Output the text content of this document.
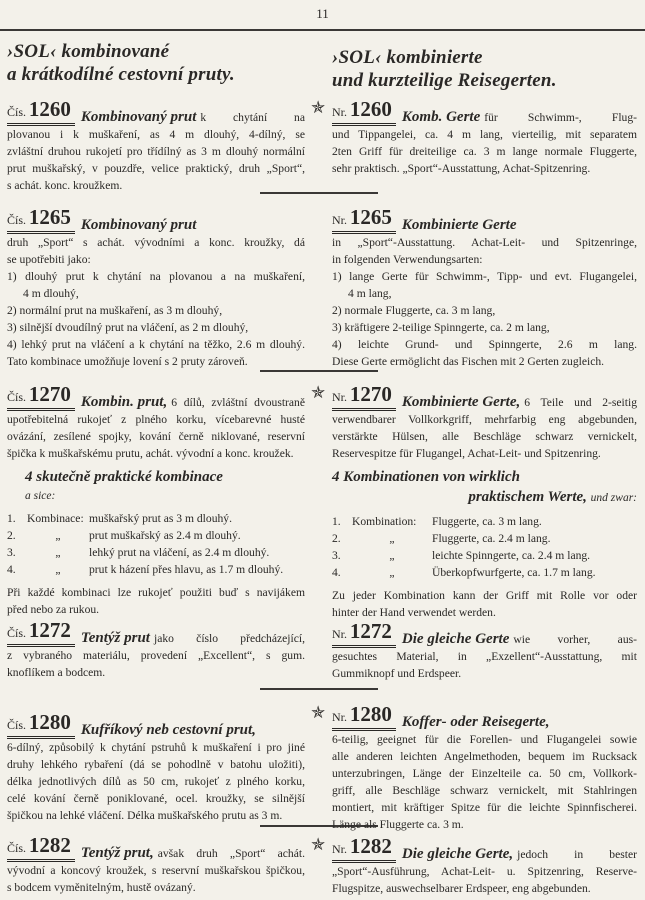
11
›SOL‹ kombinované
a krátkodílné cestovní pruty.
›SOL‹ kombinierte
und kurzteilige Reisegerten.
Čís. 1260 Kombinovaný prut k chytání na
plovanou i k muškaření, as 4 m dlouhý, 4-dílný, se
zvláštní druhou rukojetí pro třídílný as 3 m dlouhý normální
prut muškařský, v pouzdře, velice praktický, druh „Sport“,
s achát. konc. kroužkem.
Čís. 1265 Kombinovaný prut
druh „Sport“ s achát. vývodními a konc. kroužky, dá
se upotřebiti jako:
1) dlouhý prut k chytání na plovanou a na muškaření,
4 m dlouhý,
2) normální prut na muškaření, as 3 m dlouhý,
3) silnější dvoudílný prut na vláčení, as 2 m dlouhý,
4) lehký prut na vláčení a k chytání na těžko, 2.6 m dlouhý.
Tato kombinace umožňuje lovení s 2 pruty zároveň.
Čís. 1270 Kombin. prut, 6 dílů, zvláštní dvoustraně
upotřebitelná rukojeť z plného korku, vícebarevné husté
ovázání, zesílené spojky, kování černě niklované, reservní
špička k muškařskému prutu, achát. vývodní a konc. kroužek.
4 skutečně praktické kombinace
a sice:
1. Kombinace: muškařský prut as 3 m dlouhý.
2.	„	prut muškařský as 2.4 m dlouhý.
3.	„	lehký prut na vláčení, as 2.4 m dlouhý.
4.	„	prut k házení přes hlavu, as 1.7 m dlouhý.
Při každé kombinaci lze rukojeť použiti buď s navijákem
před nebo za rukou.
Čís. 1272 Tentýž prut jako číslo předcházející,
z vybraného materiálu, provedení „Excellent“, s gum.
knoflíkem a bodcem.
Čís. 1280 Kufříkový neb cestovní prut,
6-dílný, způsobilý k chytání pstruhů k muškaření i pro jiné
druhy lehkého rybaření (dá se pohodlně v batohu uložiti),
délka jednotlivých dílů as 50 cm, rukojeť z plného korku,
celé kování černě poniklované, ocel. kroužky, se silnější
špičkou na lehké vláčení. Délka muškařského prutu as 3 m.
Čís. 1282 Tentýž prut, avšak druh „Sport“ achát.
vývodní a koncový kroužek, s reservní muškařskou špičkou,
s bodcem vyměnitelným, hustě ovázaný.
Nr. 1260 Komb. Gerte für Schwimm-, Flug-
und Tippangelei, ca. 4 m lang, vierteilig, mit separatem
2ten Griff für dreiteilige ca. 3 m lange normale Fluggerte,
sehr praktisch. „Sport“-Ausstattung, Achat-Spitzenring.
✯
Nr. 1265 Kombinierte Gerte
in „Sport“-Ausstattung. Achat-Leit- und Spitzenringe,
in folgenden Verwendungsarten:
1) lange Gerte für Schwimm-, Tipp- und evt. Flugangelei,
4 m lang,
2) normale Fluggerte, ca. 3 m lang,
3) kräftigere 2-teilige Spinngerte, ca. 2 m lang,
4) leichte Grund- und Spinngerte, 2.6 m lang.
Diese Gerte ermöglicht das Fischen mit 2 Gerten zugleich.
Nr. 1270 Kombinierte Gerte, 6 Teile und 2-seitig
verwendbarer Vollkorkgriff, mehrfarbig eng abgebunden,
verstärkte Hülsen, alle Beschläge schwarz vernickelt,
Reservespitze für Flugangel, Achat-Leit- und Spitzenring.
✯
4 Kombinationen von wirklich
praktischem Werte, und zwar:
1. Kombination:	Fluggerte, ca. 3 m lang.
2.	„	Fluggerte, ca. 2.4 m lang.
3.	„	leichte Spinngerte, ca. 2.4 m lang.
4.	„	Überkopfwurfgerte, ca. 1.7 m lang.
Zu jeder Kombination kann der Griff mit Rolle vor oder
hinter der Hand verwendet werden.
Nr. 1272 Die gleiche Gerte wie vorher, aus-
gesuchtes Material, in „Exzellent“-Ausstattung, mit
Gummiknopf und Erdspeer.
Nr. 1280 Koffer- oder Reisegerte,
6-teilig, geeignet für die Forellen- und Flugangelei sowie
alle anderen leichten Angelmethoden, bequem im Rucksack
unterzubringen, Länge der Einzelteile ca. 50 cm, Vollkork-
griff, alle Beschläge schwarz vernickelt, mit Stahlringen
montiert, mit kräftiger Spitze für die leichte Spinnfischerei.
Länge als Fluggerte ca. 3 m.
✯
Nr. 1282 Die gleiche Gerte, jedoch in bester
„Sport“-Ausführung, Achat-Leit- u. Spitzenring, Reserve-
Flugspitze, auswechselbarer Erdspeer, eng abgebunden.
✯
